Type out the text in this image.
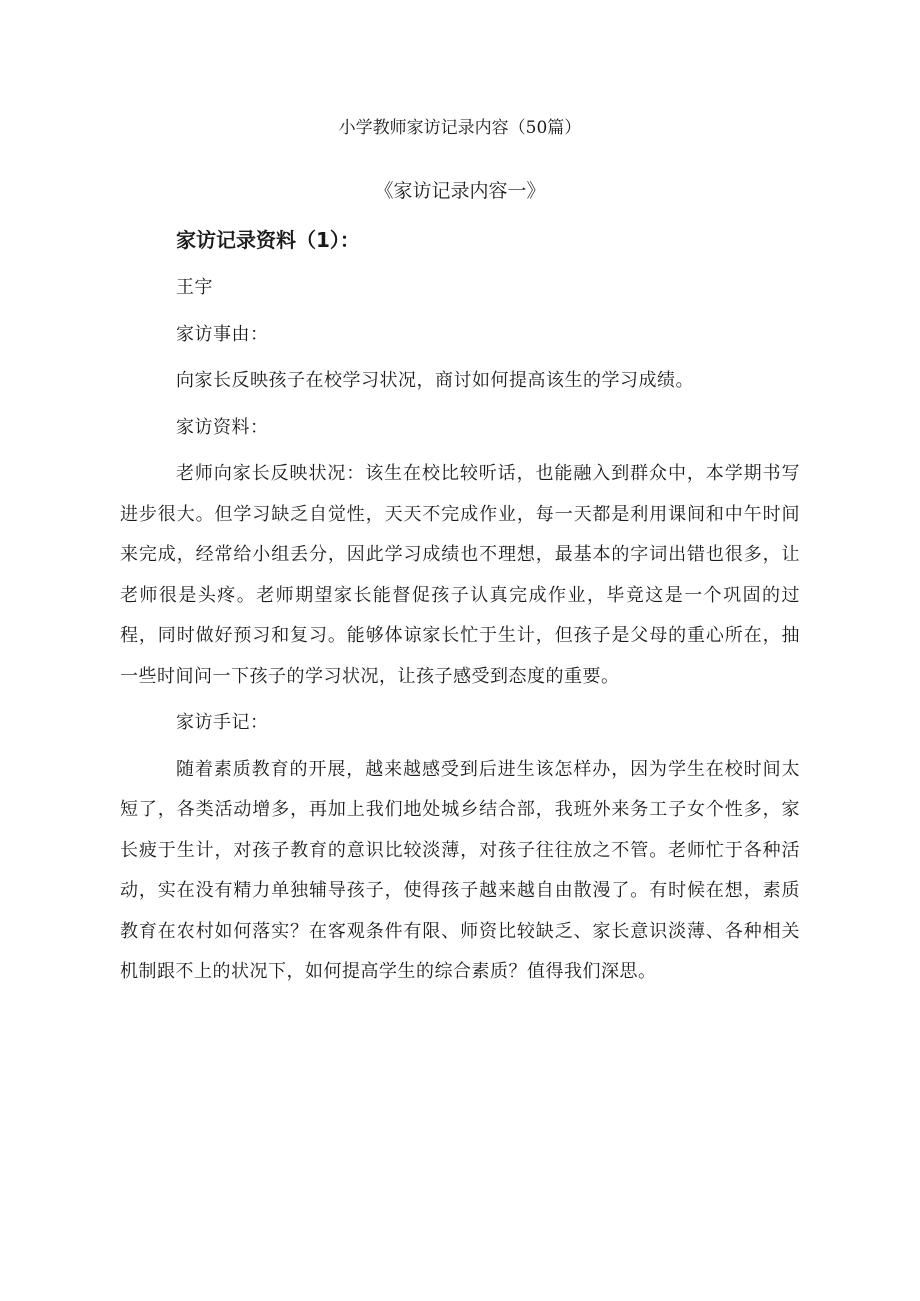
小学教师家访记录内容（50篇）
《家访记录内容一》
家访记录资料（1）：

王宇

家访事由：

向家长反映孩子在校学习状况，商讨如何提高该生的学习成绩。

家访资料：

老师向家长反映状况：该生在校比较听话，也能融入到群众中，本学期书写进步很大。但学习缺乏自觉性，天天不完成作业，每一天都是利用课间和中午时间来完成，经常给小组丢分，因此学习成绩也不理想，最基本的字词出错也很多，让老师很是头疼。老师期望家长能督促孩子认真完成作业，毕竟这是一个巩固的过程，同时做好预习和复习。能够体谅家长忙于生计，但孩子是父母的重心所在，抽一些时间问一下孩子的学习状况，让孩子感受到态度的重要。

家访手记：

随着素质教育的开展，越来越感受到后进生该怎样办，因为学生在校时间太短了，各类活动增多，再加上我们地处城乡结合部，我班外来务工子女个性多，家长疲于生计，对孩子教育的意识比较淡薄，对孩子往往放之不管。老师忙于各种活动，实在没有精力单独辅导孩子，使得孩子越来越自由散漫了。有时候在想，素质教育在农村如何落实？在客观条件有限、师资比较缺乏、家长意识淡薄、各种相关机制跟不上的状况下，如何提高学生的综合素质？值得我们深思。
